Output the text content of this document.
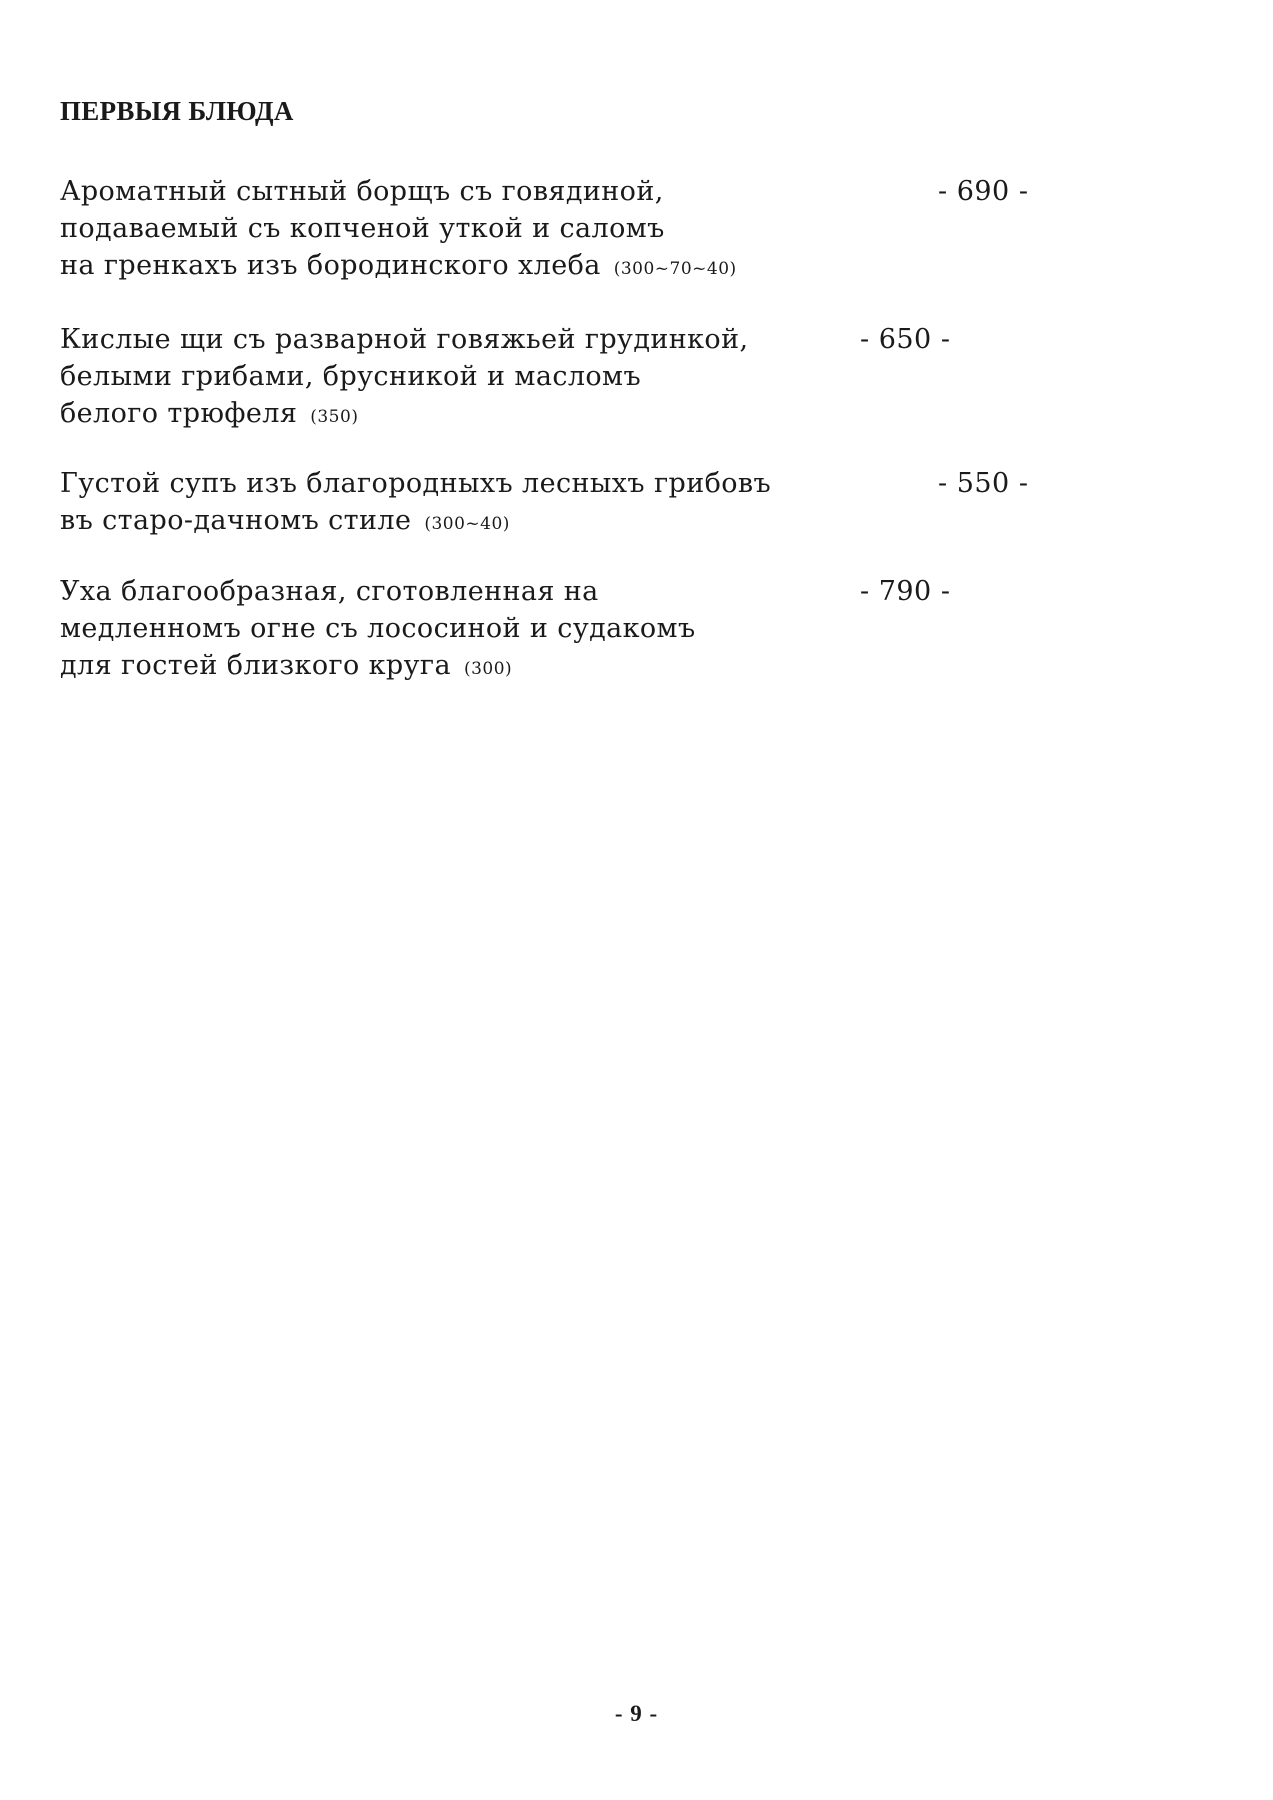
ПЕРВЫЯ БЛЮДА
Ароматный сытный борщъ съ говядиной,
подаваемый съ копченой уткой и саломъ
на гренкахъ изъ бородинского хлеба (300~70~40)
- 690 -
Кислые щи съ разварной говяжьей грудинкой,
белыми грибами, брусникой и масломъ
белого трюфеля (350)
- 650 -
Густой супъ изъ благородныхъ лесныхъ грибовъ
въ старо-дачномъ стиле (300~40)
- 550 -
Уха благообразная, сготовленная на
медленномъ огне съ лососиной и судакомъ
для гостей близкого круга (300)
- 790 -
- 9 -
